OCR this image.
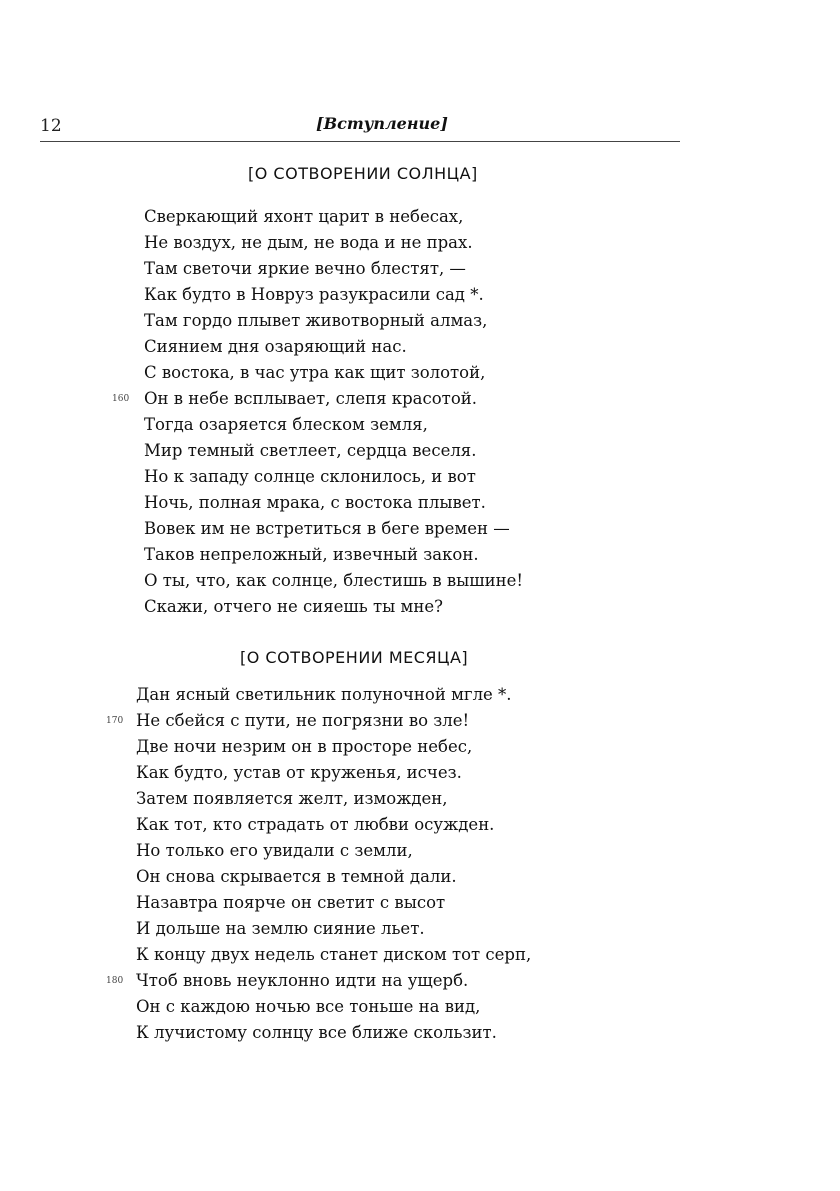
12	[Вступление]
[О СОТВОРЕНИИ СОЛНЦА]
Сверкающий яхонт царит в небесах,
Не воздух, не дым, не вода и не прах.
Там светочи яркие вечно блестят, —
Как будто в Новруз разукрасили сад *.
Там гордо плывет животворный алмаз,
Сиянием дня озаряющий нас.
С востока, в час утра как щит золотой,
160 Он в небе всплывает, слепя красотой.
Тогда озаряется блеском земля,
Мир темный светлеет, сердца веселя.
Но к западу солнце склонилось, и вот
Ночь, полная мрака, с востока плывет.
Вовек им не встретиться в беге времен —
Таков непреложный, извечный закон.
О ты, что, как солнце, блестишь в вышине!
Скажи, отчего не сияешь ты мне?
[О СОТВОРЕНИИ МЕСЯЦА]
Дан ясный светильник полуночной мгле *.
170 Не сбейся с пути, не погрязни во зле!
Две ночи незрим он в просторе небес,
Как будто, устав от круженья, исчез.
Затем появляется желт, изможден,
Как тот, кто страдать от любви осужден.
Но только его увидали с земли,
Он снова скрывается в темной дали.
Назавтра поярче он светит с высот
И дольше на землю сияние льет.
К концу двух недель станет диском тот серп,
180 Чтоб вновь неуклонно идти на ущерб.
Он с каждою ночью все тоньше на вид,
К лучистому солнцу все ближе скользит.
